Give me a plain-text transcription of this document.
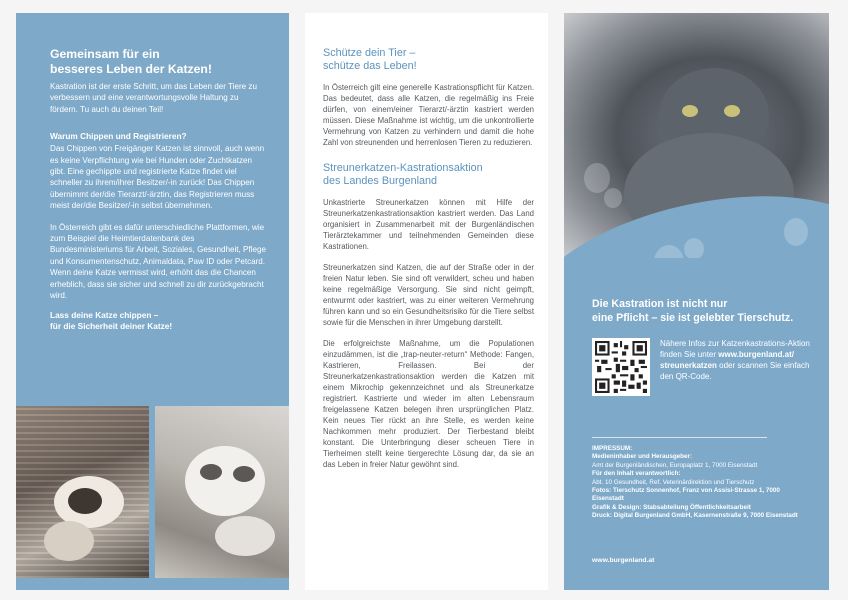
Gemeinsam für ein
besseres Leben der Katzen!

Kastration ist der erste Schritt, um das Leben der Tiere zu verbessern und eine verantwortungsvolle Haltung zu fördern. Tu auch du deinen Teil!

Warum Chippen und Registrieren?

Das Chippen von Freigänger Katzen ist sinnvoll, auch wenn es keine Verpflichtung wie bei Hunden oder Zuchtkatzen gibt. Eine gechippte und registrierte Katze findet viel schneller zu ihrem/ihrer Besitzer/-in zurück! Das Chippen übernimmt der/die Tierarzt/-ärztin, das Registrieren muss meist der/die Besitzer/-in selbst übernehmen.

In Österreich gibt es dafür unterschiedliche Plattformen, wie zum Beispiel die Heimtierdatenbank des Bundesministeriums für Arbeit, Soziales, Gesundheit, Pflege und Konsumentenschutz, Animaldata, Paw ID oder Petcard. Wenn deine Katze vermisst wird, erhöht das die Chancen erheblich, dass sie sicher und schnell zu dir zurückgebracht wird.

Lass deine Katze chippen –
für die Sicherheit deiner Katze!
Schütze dein Tier –
schütze das Leben!

In Österreich gilt eine generelle Kastrationspflicht für Katzen. Das bedeutet, dass alle Katzen, die regelmäßig ins Freie dürfen, von einem/einer Tierarzt/-ärztin kastriert werden müssen. Diese Maßnahme ist wichtig, um die unkontrollierte Vermehrung von Katzen zu verhindern und damit die hohe Zahl von streunenden und herrenlosen Tieren zu reduzieren.

Streunerkatzen-Kastrationsaktion
des Landes Burgenland

Unkastrierte Streunerkatzen können mit Hilfe der Streunerkatzenkastrationsaktion kastriert werden. Das Land organisiert in Zusammenarbeit mit der Burgenländischen Tierärztekammer und teilnehmenden Gemeinden diese Kastrationen.

Streunerkatzen sind Katzen, die auf der Straße oder in der freien Natur leben. Sie sind oft verwildert, scheu und haben keine regelmäßige Versorgung. Sie sind nicht geimpft, entwurmt oder kastriert, was zu einer weiteren Vermehrung führen kann und so ein Gesundheitsrisiko für die Tiere selbst sowie für die Menschen in ihrer Umgebung darstellt.

Die erfolgreichste Maßnahme, um die Populationen einzudämmen, ist die „trap-neuter-return“ Methode: Fangen, Kastrieren, Freilassen. Bei der Streunerkatzenkastrationsaktion werden die Katzen mit einem Mikrochip gekennzeichnet und als Streunerkatze registriert. Kastrierte und wieder im alten Lebensraum freigelassene Katzen belegen ihren ursprünglichen Platz. Kein neues Tier rückt an ihre Stelle, es werden keine Nachkommen mehr produziert. Der Tierbestand bleibt konstant. Die Unterbringung dieser scheuen Tiere in Tierheimen stellt keine tiergerechte Lösung dar, da sie an das Leben in freier Natur gewöhnt sind.

Die Kastration ist nicht nur
eine Pflicht – sie ist gelebter Tierschutz.
Nähere Infos zur Katzenkastrations-Aktion finden Sie unter www.burgenland.at/ streunerkatzen oder scannen Sie einfach den QR-Code.
IMPRESSUM:
Medieninhaber und Herausgeber:
Amt der Burgenländischen, Europaplatz 1, 7000 Eisenstadt
Für den Inhalt verantwortlich:
Abt. 10 Gesundheit, Ref. Veterinärdirektion und Tierschutz
Fotos: Tierschutz Sonnenhof, Franz von Assisi-Strasse 1, 7000 Eisenstadt
Grafik & Design: Stabsabteilung Öffentlichkeitsarbeit
Druck: Digital Burgenland GmbH, Kasernenstraße 9, 7000 Eisenstadt
www.burgenland.at
